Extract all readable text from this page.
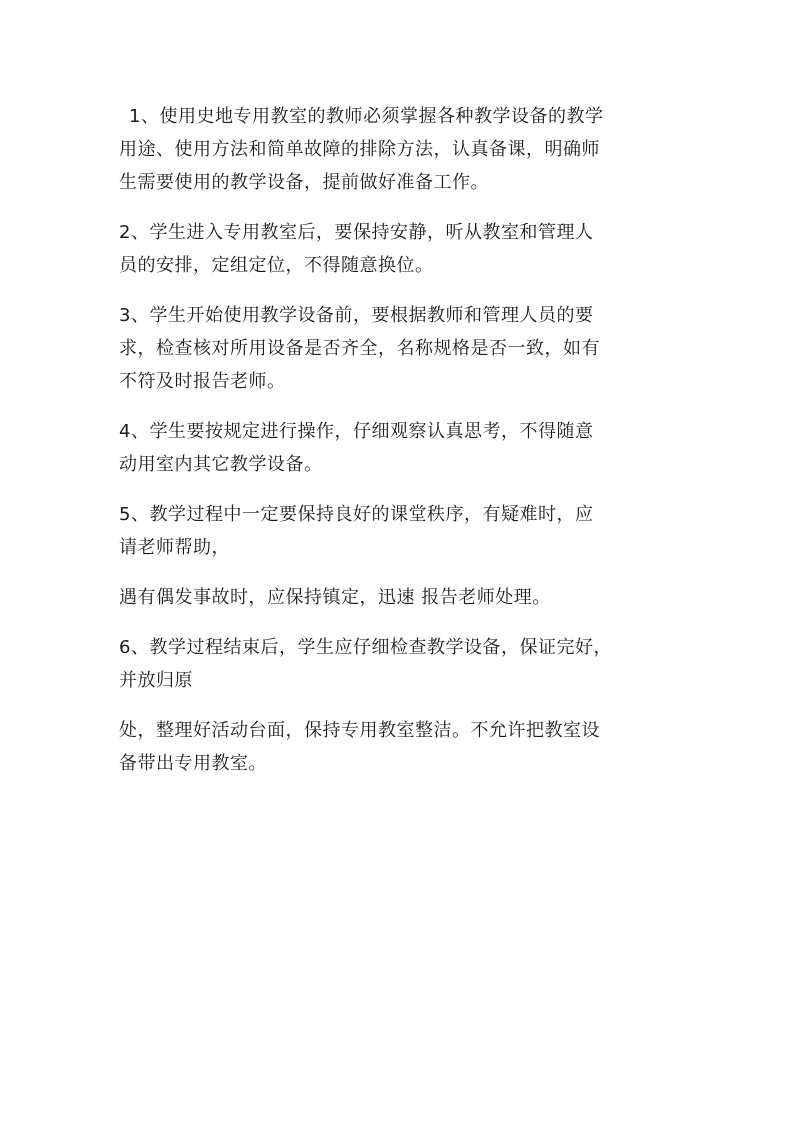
1、使用史地专用教室的教师必须掌握各种教学设备的教学
用途、使用方法和简单故障的排除方法，认真备课，明确师
生需要使用的教学设备，提前做好准备工作。

2、学生进入专用教室后，要保持安静，听从教室和管理人
员的安排，定组定位，不得随意换位。

3、学生开始使用教学设备前，要根据教师和管理人员的要
求，检查核对所用设备是否齐全，名称规格是否一致，如有
不符及时报告老师。

4、学生要按规定进行操作，仔细观察认真思考，不得随意
动用室内其它教学设备。

5、教学过程中一定要保持良好的课堂秩序，有疑难时，应
请老师帮助，

遇有偶发事故时，应保持镇定，迅速 报告老师处理。

6、教学过程结束后，学生应仔细检查教学设备，保证完好，
并放归原

处，整理好活动台面，保持专用教室整洁。不允许把教室设
备带出专用教室。
